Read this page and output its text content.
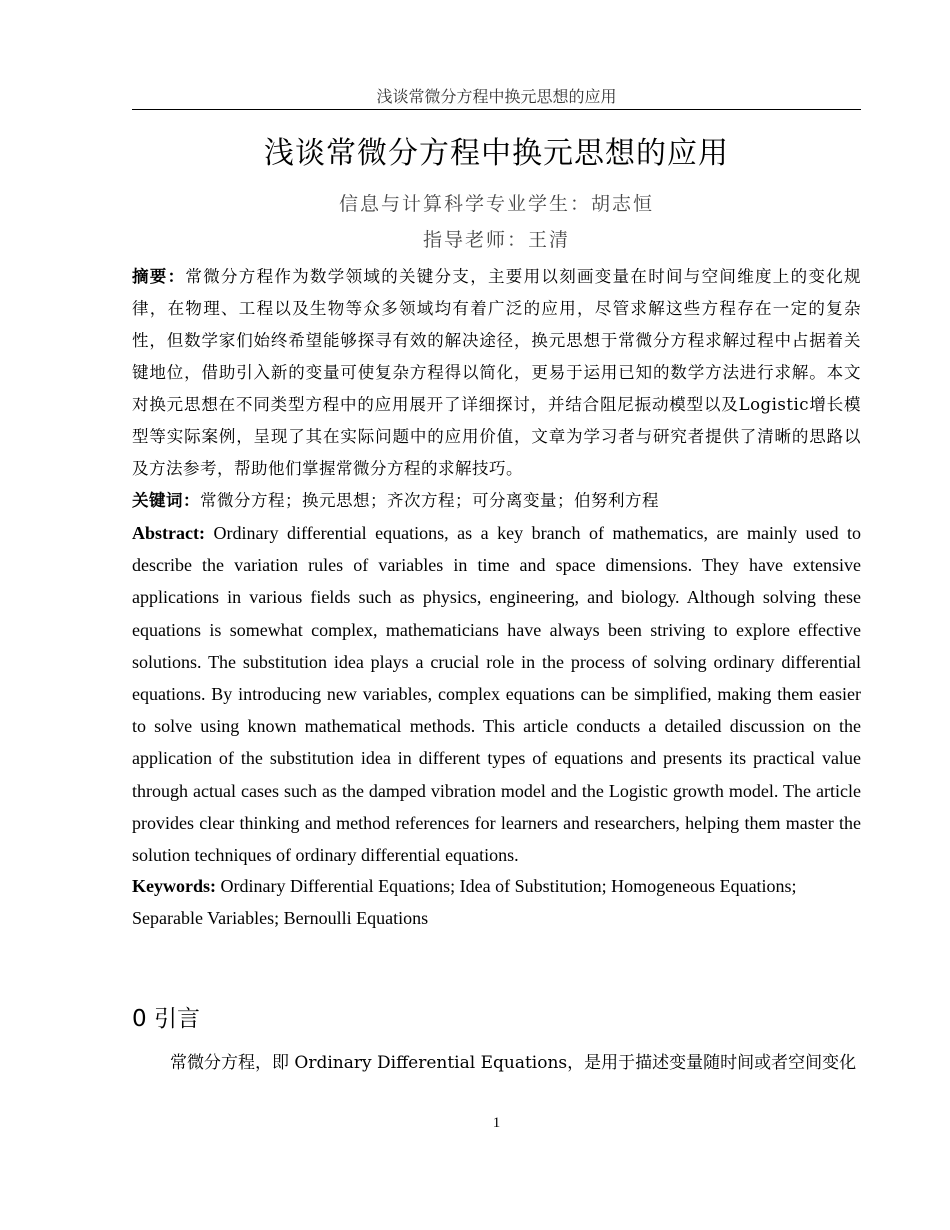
浅谈常微分方程中换元思想的应用
浅谈常微分方程中换元思想的应用
信息与计算科学专业学生：胡志恒
指导老师：王清
摘要：常微分方程作为数学领域的关键分支，主要用以刻画变量在时间与空间维度上的变化规律，在物理、工程以及生物等众多领域均有着广泛的应用，尽管求解这些方程存在一定的复杂性，但数学家们始终希望能够探寻有效的解决途径，换元思想于常微分方程求解过程中占据着关键地位，借助引入新的变量可使复杂方程得以简化，更易于运用已知的数学方法进行求解。本文对换元思想在不同类型方程中的应用展开了详细探讨，并结合阻尼振动模型以及Logistic增长模型等实际案例，呈现了其在实际问题中的应用价值，文章为学习者与研究者提供了清晰的思路以及方法参考，帮助他们掌握常微分方程的求解技巧。
关键词：常微分方程；换元思想；齐次方程；可分离变量；伯努利方程
Abstract: Ordinary differential equations, as a key branch of mathematics, are mainly used to describe the variation rules of variables in time and space dimensions. They have extensive applications in various fields such as physics, engineering, and biology. Although solving these equations is somewhat complex, mathematicians have always been striving to explore effective solutions. The substitution idea plays a crucial role in the process of solving ordinary differential equations. By introducing new variables, complex equations can be simplified, making them easier to solve using known mathematical methods. This article conducts a detailed discussion on the application of the substitution idea in different types of equations and presents its practical value through actual cases such as the damped vibration model and the Logistic growth model. The article provides clear thinking and method references for learners and researchers, helping them master the solution techniques of ordinary differential equations.
Keywords: Ordinary Differential Equations; Idea of Substitution; Homogeneous Equations; Separable Variables; Bernoulli Equations
0 引言
常微分方程，即 Ordinary Differential Equations，是用于描述变量随时间或者空间变化
1
